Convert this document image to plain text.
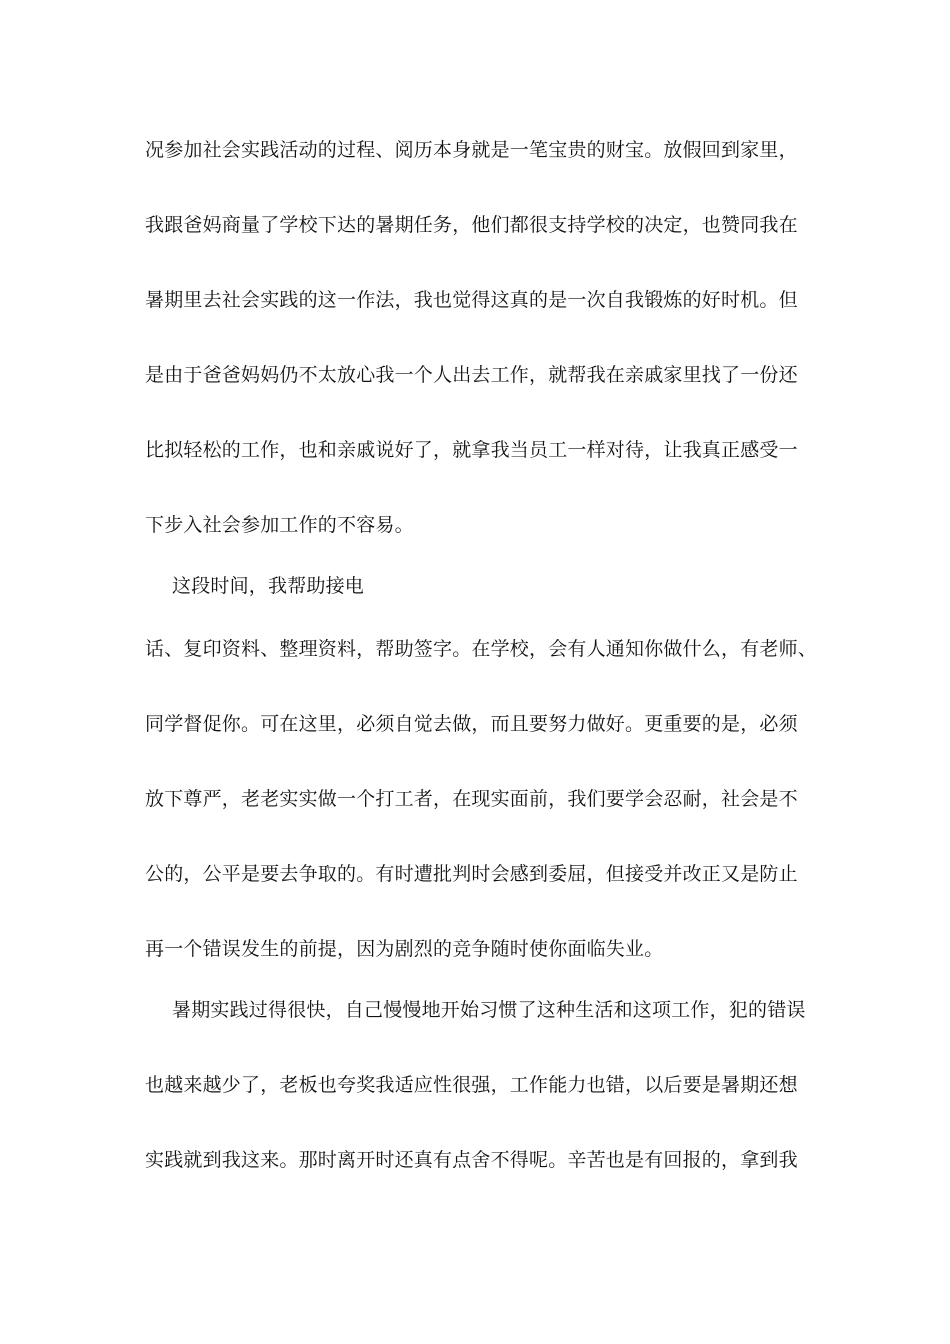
况参加社会实践活动的过程、阅历本身就是一笔宝贵的财宝。放假回到家里，
我跟爸妈商量了学校下达的暑期任务，他们都很支持学校的决定，也赞同我在
暑期里去社会实践的这一作法，我也觉得这真的是一次自我锻炼的好时机。但
是由于爸爸妈妈仍不太放心我一个人出去工作，就帮我在亲戚家里找了一份还
比拟轻松的工作，也和亲戚说好了，就拿我当员工一样对待，让我真正感受一
下步入社会参加工作的不容易。
这段时间，我帮助接电
话、复印资料、整理资料，帮助签字。在学校，会有人通知你做什么，有老师、
同学督促你。可在这里，必须自觉去做，而且要努力做好。更重要的是，必须
放下尊严，老老实实做一个打工者，在现实面前，我们要学会忍耐，社会是不
公的，公平是要去争取的。有时遭批判时会感到委屈，但接受并改正又是防止
再一个错误发生的前提，因为剧烈的竞争随时使你面临失业。
暑期实践过得很快，自己慢慢地开始习惯了这种生活和这项工作，犯的错误
也越来越少了，老板也夸奖我适应性很强，工作能力也错，以后要是暑期还想
实践就到我这来。那时离开时还真有点舍不得呢。辛苦也是有回报的，拿到我
